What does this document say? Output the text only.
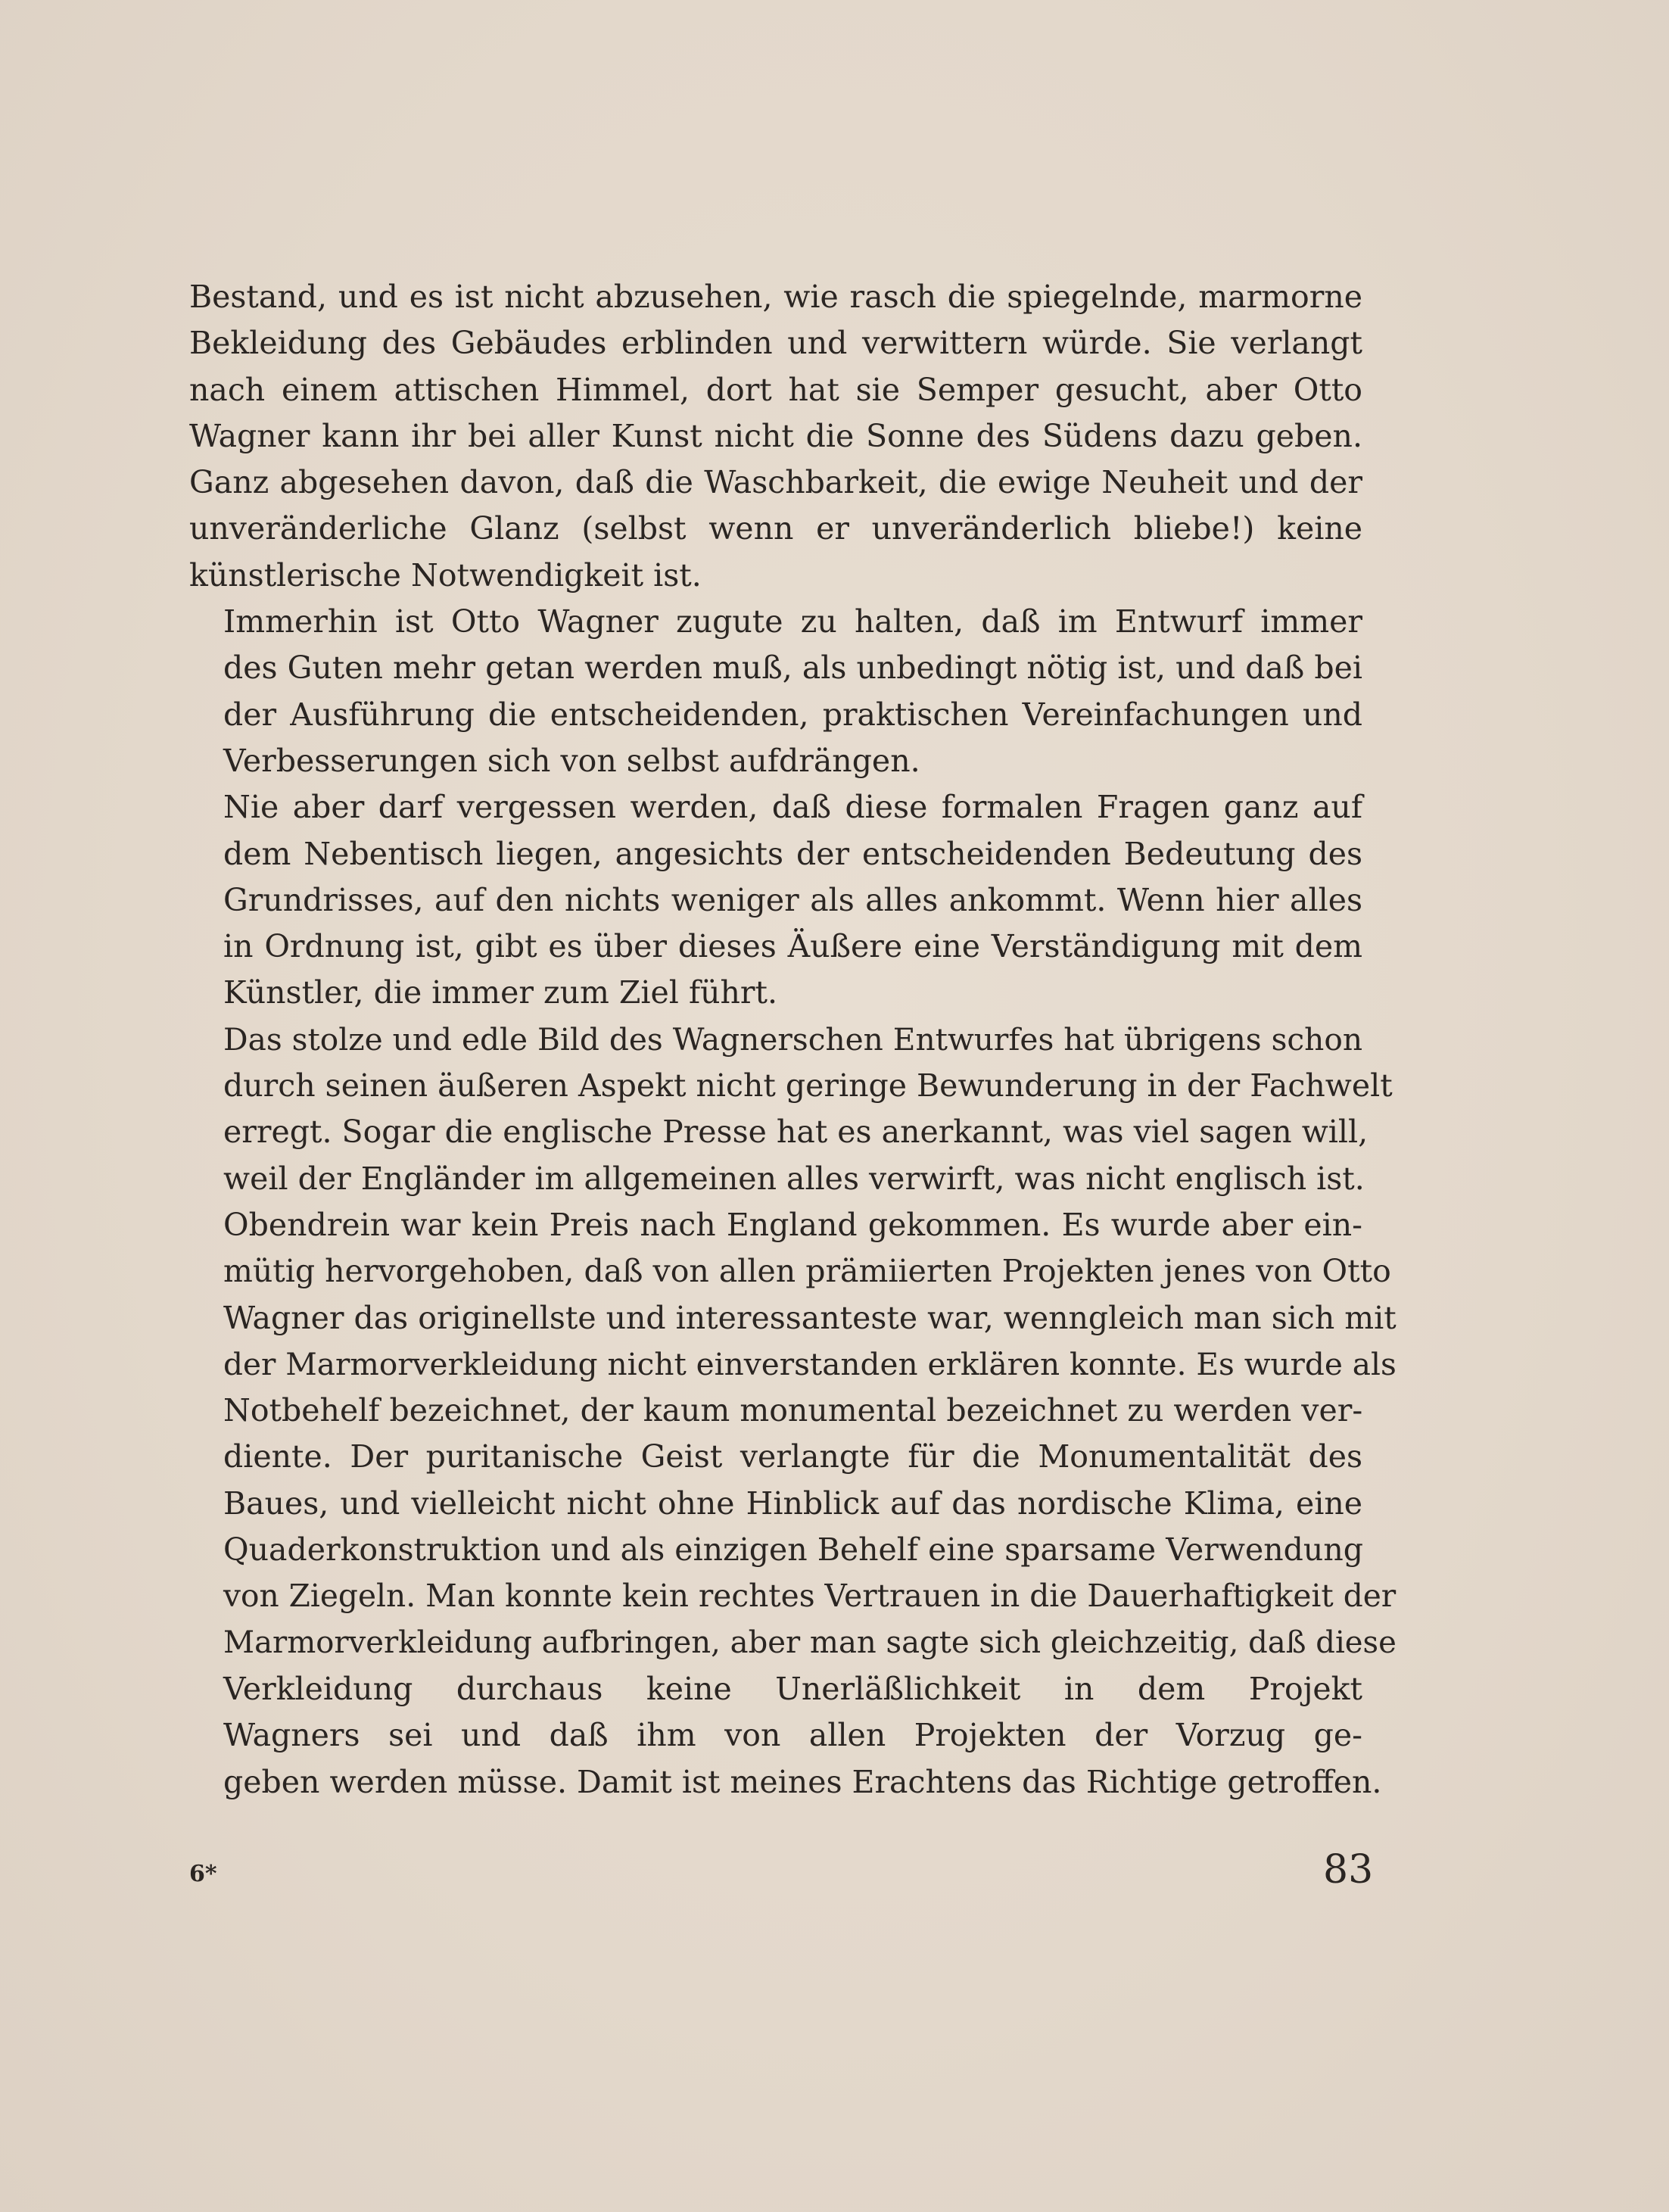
Bestand, und es ist nicht abzusehen, wie rasch die spiegelnde, marmorne
Bekleidung des Gebäudes erblinden und verwittern würde. Sie verlangt
nach einem attischen Himmel, dort hat sie Semper gesucht, aber Otto
Wagner kann ihr bei aller Kunst nicht die Sonne des Südens dazu geben.
Ganz abgesehen davon, daß die Waschbarkeit, die ewige Neuheit und der
unveränderliche Glanz (selbst wenn er unveränderlich bliebe!) keine
künstlerische Notwendigkeit ist.

Immerhin ist Otto Wagner zugute zu halten, daß im Entwurf immer
des Guten mehr getan werden muß, als unbedingt nötig ist, und daß bei
der Ausführung die entscheidenden, praktischen Vereinfachungen und
Verbesserungen sich von selbst aufdrängen.

Nie aber darf vergessen werden, daß diese formalen Fragen ganz auf
dem Nebentisch liegen, angesichts der entscheidenden Bedeutung des
Grundrisses, auf den nichts weniger als alles ankommt. Wenn hier alles
in Ordnung ist, gibt es über dieses Äußere eine Verständigung mit dem
Künstler, die immer zum Ziel führt.

Das stolze und edle Bild des Wagnerschen Entwurfes hat übrigens schon
durch seinen äußeren Aspekt nicht geringe Bewunderung in der Fachwelt
erregt. Sogar die englische Presse hat es anerkannt, was viel sagen will,
weil der Engländer im allgemeinen alles verwirft, was nicht englisch ist.
Obendrein war kein Preis nach England gekommen. Es wurde aber ein-
mütig hervorgehoben, daß von allen prämiierten Projekten jenes von Otto
Wagner das originellste und interessanteste war, wenngleich man sich mit
der Marmorverkleidung nicht einverstanden erklären konnte. Es wurde als
Notbehelf bezeichnet, der kaum monumental bezeichnet zu werden ver-
diente. Der puritanische Geist verlangte für die Monumentalität des
Baues, und vielleicht nicht ohne Hinblick auf das nordische Klima, eine
Quaderkonstruktion und als einzigen Behelf eine sparsame Verwendung
von Ziegeln. Man konnte kein rechtes Vertrauen in die Dauerhaftigkeit der
Marmorverkleidung aufbringen, aber man sagte sich gleichzeitig, daß diese
Verkleidung durchaus keine Unerläßlichkeit in dem Projekt
Wagners sei und daß ihm von allen Projekten der Vorzug ge-
geben werden müsse. Damit ist meines Erachtens das Richtige getroffen.

6*	83
